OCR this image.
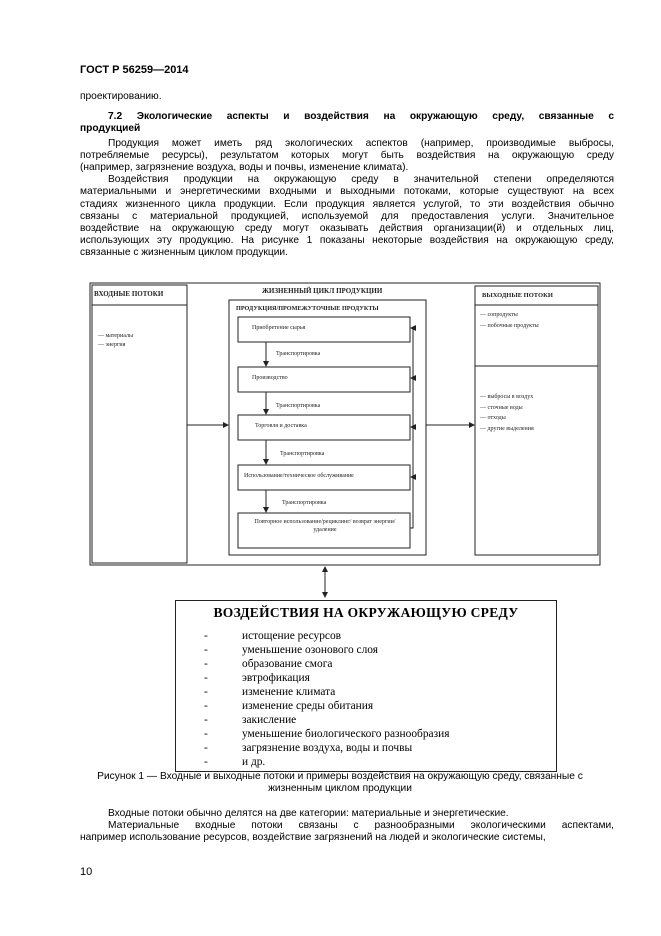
ГОСТ Р 56259—2014
проектированию.
7.2 Экологические аспекты и воздействия на окружающую среду, связанные с
продукцией
Продукция может иметь ряд экологических аспектов (например, производимые выбросы,
потребляемые ресурсы), результатом которых могут быть воздействия на окружающую среду
(например, загрязнение воздуха, воды и почвы, изменение климата).
Воздействия продукции на окружающую среду в значительной степени определяются
материальными и энергетическими входными и выходными потоками, которые существуют на всех
стадиях жизненного цикла продукции. Если продукция является услугой, то эти воздействия обычно
связаны с материальной продукцией, используемой для предоставления услуги. Значительное
воздействие на окружающую среду могут оказывать действия организации(й) и отдельных лиц,
использующих эту продукцию. На рисунке 1 показаны некоторые воздействия на окружающую среду,
связанные с жизненным циклом продукции.
ВХОДНЫЕ ПОТОКИ
— материалы
— энергия
ЖИЗНЕННЫЙ ЦИКЛ ПРОДУКЦИИ
ПРОДУКЦИЯ/ПРОМЕЖУТОЧНЫЕ ПРОДУКТЫ
Приобретение сырья
Производство
Торговля и доставка
Использование/техническое обслуживание
Повторное использование/рециклинг/ возврат энергии/удаление
Транспортировка
Транспортировка
Транспортировка
Транспортировка
ВЫХОДНЫЕ ПОТОКИ
— сопродукты
— побочные продукты
— выбросы в воздух
— сточные воды
— отходы
— другие выделения
ВОЗДЕЙСТВИЯ НА ОКРУЖАЮЩУЮ СРЕДУ
-	истощение ресурсов
-	уменьшение озонового слоя
-	образование смога
-	эвтрофикация
-	изменение климата
-	изменение среды обитания
-	закисление
-	уменьшение биологического разнообразия
-	загрязнение воздуха, воды и почвы
-	и др.
Рисунок 1 — Входные и выходные потоки и примеры воздействия на окружающую среду, связанные с
жизненным циклом продукции
Входные потоки обычно делятся на две категории: материальные и энергетические.
Материальные входные потоки связаны с разнообразными экологическими аспектами,
например использование ресурсов, воздействие загрязнений на людей и экологические системы,
10
